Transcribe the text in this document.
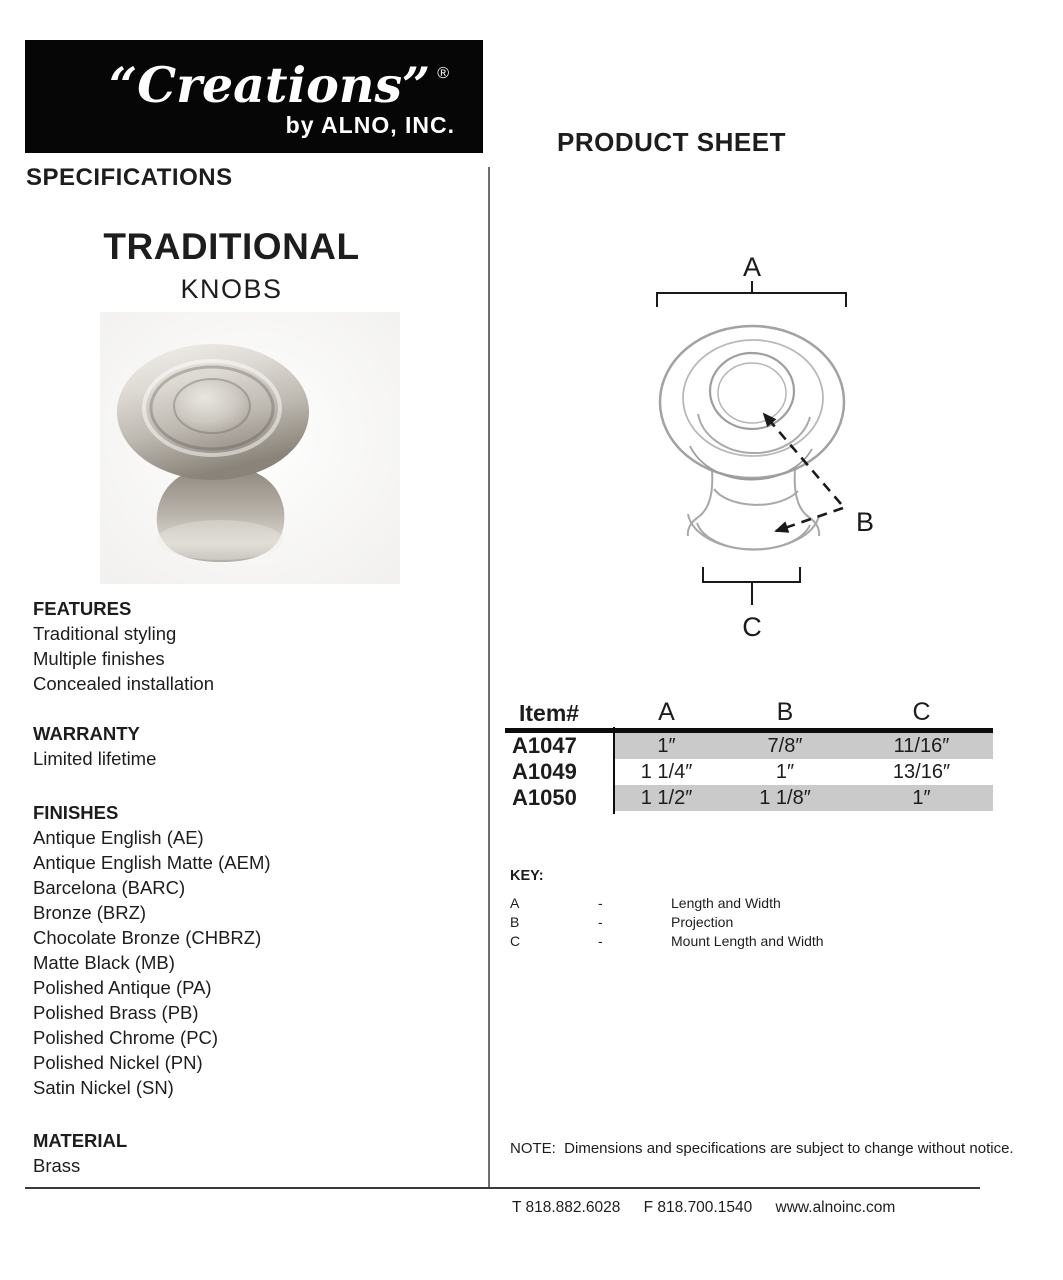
“Creations” ®
by ALNO, INC.
PRODUCT SHEET
SPECIFICATIONS
TRADITIONAL
KNOBS
A
B
C
Item#	A	B	C
A1047	1″	7/8″	11/16″
A1049	1 1/4″	1″	13/16″
A1050	1 1/2″	1 1/8″	1″
KEY:
A	-	Length and Width
B	-	Projection
C	-	Mount Length and Width
FEATURES
Traditional styling
Multiple finishes
Concealed installation
WARRANTY
Limited lifetime
FINISHES
Antique English (AE)
Antique English Matte (AEM)
Barcelona (BARC)
Bronze (BRZ)
Chocolate Bronze (CHBRZ)
Matte Black (MB)
Polished Antique (PA)
Polished Brass (PB)
Polished Chrome (PC)
Polished Nickel (PN)
Satin Nickel (SN)
MATERIAL
Brass
NOTE:  Dimensions and specifications are subject to change without notice.
T 818.882.6028 F 818.700.1540 www.alnoinc.com
